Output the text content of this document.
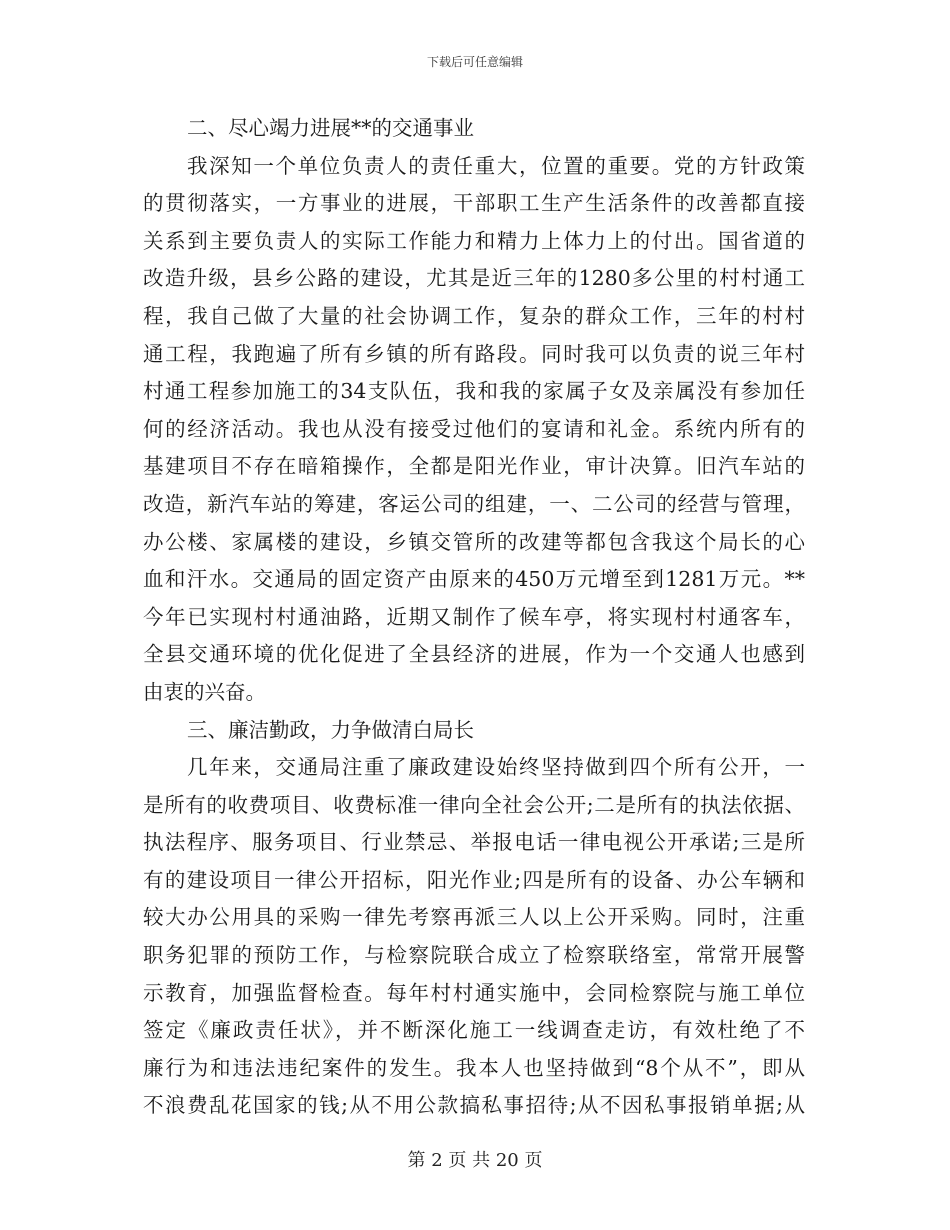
下载后可任意编辑
二、尽心竭力进展**的交通事业
我深知一个单位负责人的责任重大，位置的重要。党的方针政策
的贯彻落实，一方事业的进展，干部职工生产生活条件的改善都直接
关系到主要负责人的实际工作能力和精力上体力上的付出。国省道的
改造升级，县乡公路的建设，尤其是近三年的1280多公里的村村通工
程，我自己做了大量的社会协调工作，复杂的群众工作，三年的村村
通工程，我跑遍了所有乡镇的所有路段。同时我可以负责的说三年村
村通工程参加施工的34支队伍，我和我的家属子女及亲属没有参加任
何的经济活动。我也从没有接受过他们的宴请和礼金。系统内所有的
基建项目不存在暗箱操作，全都是阳光作业，审计决算。旧汽车站的
改造，新汽车站的筹建，客运公司的组建，一、二公司的经营与管理，
办公楼、家属楼的建设，乡镇交管所的改建等都包含我这个局长的心
血和汗水。交通局的固定资产由原来的450万元增至到1281万元。**
今年已实现村村通油路，近期又制作了候车亭，将实现村村通客车，
全县交通环境的优化促进了全县经济的进展，作为一个交通人也感到
由衷的兴奋。
三、廉洁勤政，力争做清白局长
几年来，交通局注重了廉政建设始终坚持做到四个所有公开，一
是所有的收费项目、收费标准一律向全社会公开;二是所有的执法依据、
执法程序、服务项目、行业禁忌、举报电话一律电视公开承诺;三是所
有的建设项目一律公开招标，阳光作业;四是所有的设备、办公车辆和
较大办公用具的采购一律先考察再派三人以上公开采购。同时，注重
职务犯罪的预防工作，与检察院联合成立了检察联络室，常常开展警
示教育，加强监督检查。每年村村通实施中，会同检察院与施工单位
签定《廉政责任状》，并不断深化施工一线调查走访，有效杜绝了不
廉行为和违法违纪案件的发生。我本人也坚持做到“8个从不”，即从
不浪费乱花国家的钱;从不用公款搞私事招待;从不因私事报销单据;从
第 2 页 共 20 页
